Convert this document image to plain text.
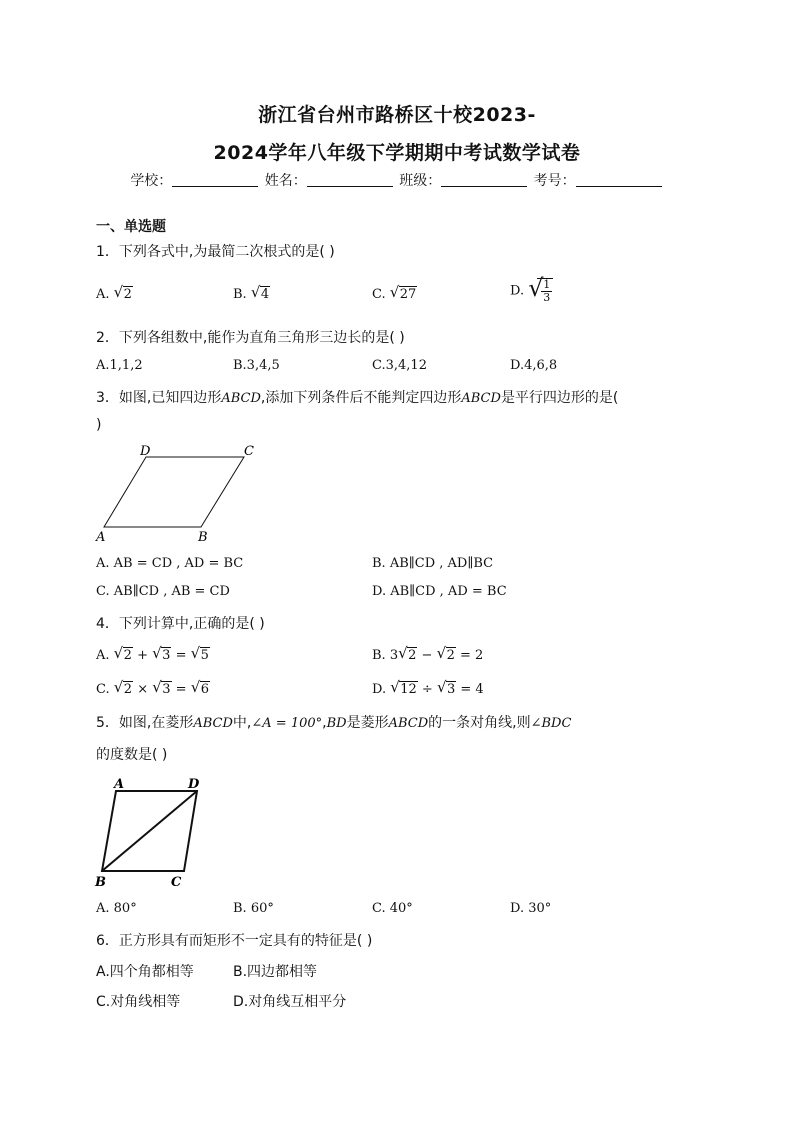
浙江省台州市路桥区十校2023-
2024学年八年级下学期期中考试数学试卷
学校：	姓名：	班级：	考号：
一、单选题
1．下列各式中,为最简二次根式的是( )
A. √ 2	B. √ 4	C. √ 27	D. √
$\frac{1}{3}$
2．下列各组数中,能作为直角三角形三边长的是( )
A.1,1,2	B.3,4,5	C.3,4,12	D.4,6,8
3．如图,已知四边形ABCD,添加下列条件后不能判定四边形ABCD是平行四边形的是(
)
D	C
A	B
A. AB = CD , AD = BC	B. AB∥CD , AD∥BC
C. AB∥CD , AB = CD	D. AB∥CD , AD = BC
4．下列计算中,正确的是( )
A. √ 2 + √ 3 = √ 5	B. 3 √ 2 − √ 2 = 2
C. √ 2 × √ 3 = √ 6	D. √ 12 ÷ √ 3 = 4
5．如图,在菱形ABCD中,∠A = 100°,BD是菱形ABCD的一条对角线,则∠BDC
的度数是( )
A	D
B	C
A. 80°	B. 60°	C. 40°	D. 30°
6．正方形具有而矩形不一定具有的特征是( )
A.四个角都相等	B.四边都相等
C.对角线相等	D.对角线互相平分
